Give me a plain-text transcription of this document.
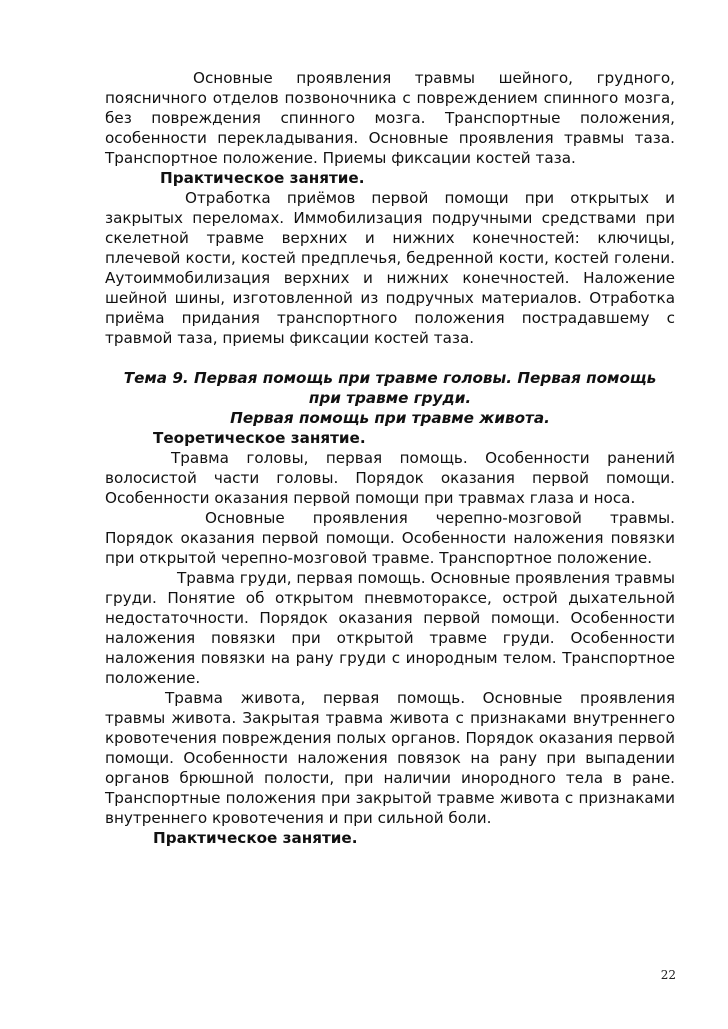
Основные проявления травмы шейного, грудного, поясничного отделов позвоночника с повреждением спинного мозга, без повреждения спинного мозга. Транспортные положения, особенности перекладывания. Основные проявления травмы таза. Транспортное положение. Приемы фиксации костей таза.

Практическое занятие.

Отработка приёмов первой помощи при открытых и закрытых переломах. Иммобилизация подручными средствами при скелетной травме верхних и нижних конечностей: ключицы, плечевой кости, костей предплечья, бедренной кости, костей голени. Аутоиммобилизация верхних и нижних конечностей. Наложение шейной шины, изготовленной из подручных материалов. Отработка приёма придания транспортного положения пострадавшему с травмой таза, приемы фиксации костей таза.

Тема 9. Первая помощь при травме головы. Первая помощь при травме груди.

Первая помощь при травме живота.

Теоретическое занятие.

Травма головы, первая помощь. Особенности ранений волосистой части головы. Порядок оказания первой помощи. Особенности оказания первой помощи при травмах глаза и носа.

Основные проявления черепно-мозговой травмы. Порядок оказания первой помощи. Особенности наложения повязки при открытой черепно-мозговой травме. Транспортное положение.

Травма груди, первая помощь. Основные проявления травмы груди. Понятие об открытом пневмотораксе, острой дыхательной недостаточности. Порядок оказания первой помощи. Особенности наложения повязки при открытой травме груди. Особенности наложения повязки на рану груди с инородным телом. Транспортное положение.

Травма живота, первая помощь. Основные проявления травмы живота. Закрытая травма живота с признаками внутреннего кровотечения повреждения полых органов. Порядок оказания первой помощи. Особенности наложения повязок на рану при выпадении органов брюшной полости, при наличии инородного тела в ране. Транспортные положения при закрытой травме живота с признаками внутреннего кровотечения и при сильной боли.

Практическое занятие.

22
